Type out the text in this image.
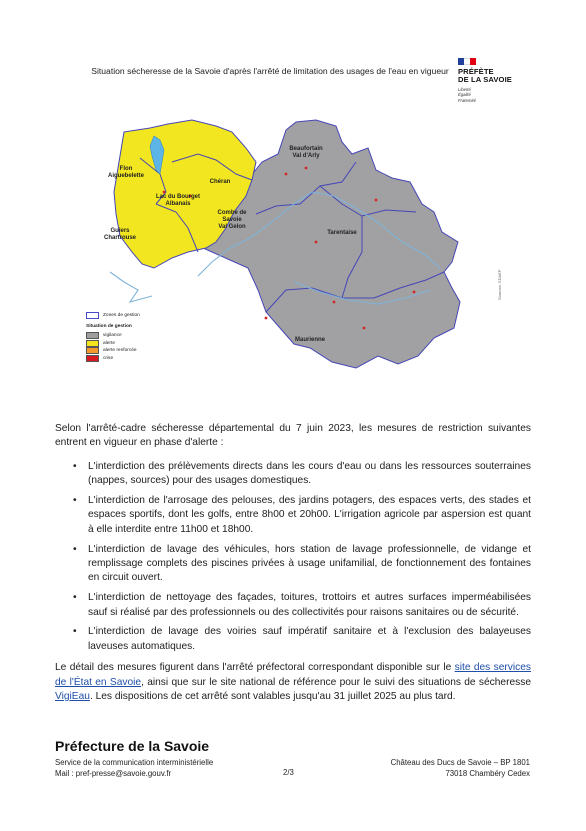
Situation sécheresse de la Savoie d'après l'arrêté de limitation des usages de l'eau en vigueur	PRÉFÈTE
DE LA SAVOIE
Liberté
Égalité
Fraternité
Flon Aiguebelette
Lac du Bourget Albanais
Chéran
Guiers Chartrouse
Combe de Savoie Val Gelon
Beaufortain Val d'Arly
Tarentaise
Maurienne
Zones de gestion
Situation de gestion
vigilance
alerte
alerte renforcée
crise
Sources: SDAEP

Selon l'arrêté-cadre sécheresse départemental du 7 juin 2023, les mesures de restriction suivantes entrent en vigueur en phase d'alerte :

• L'interdiction des prélèvements directs dans les cours d'eau ou dans les ressources souterraines (nappes, sources) pour des usages domestiques.
• L'interdiction de l'arrosage des pelouses, des jardins potagers, des espaces verts, des stades et espaces sportifs, dont les golfs, entre 8h00 et 20h00. L'irrigation agricole par aspersion est quant à elle interdite entre 11h00 et 18h00.
• L'interdiction de lavage des véhicules, hors station de lavage professionnelle, de vidange et remplissage complets des piscines privées à usage unifamilial, de fonctionnement des fontaines en circuit ouvert.
• L'interdiction de nettoyage des façades, toitures, trottoirs et autres surfaces imperméabilisées sauf si réalisé par des professionnels ou des collectivités pour raisons sanitaires ou de sécurité.
• L'interdiction de lavage des voiries sauf impératif sanitaire et à l'exclusion des balayeuses laveuses automatiques.

Le détail des mesures figurent dans l'arrêté préfectoral correspondant disponible sur le site des services de l'État en Savoie, ainsi que sur le site national de référence pour le suivi des situations de sécheresse VigiEau. Les dispositions de cet arrêté sont valables jusqu'au 31 juillet 2025 au plus tard.

Préfecture de la Savoie
Service de la communication interministérielle
Mail : pref-presse@savoie.gouv.fr	2/3
Château des Ducs de Savoie – BP 1801
73018 Chambéry Cedex
